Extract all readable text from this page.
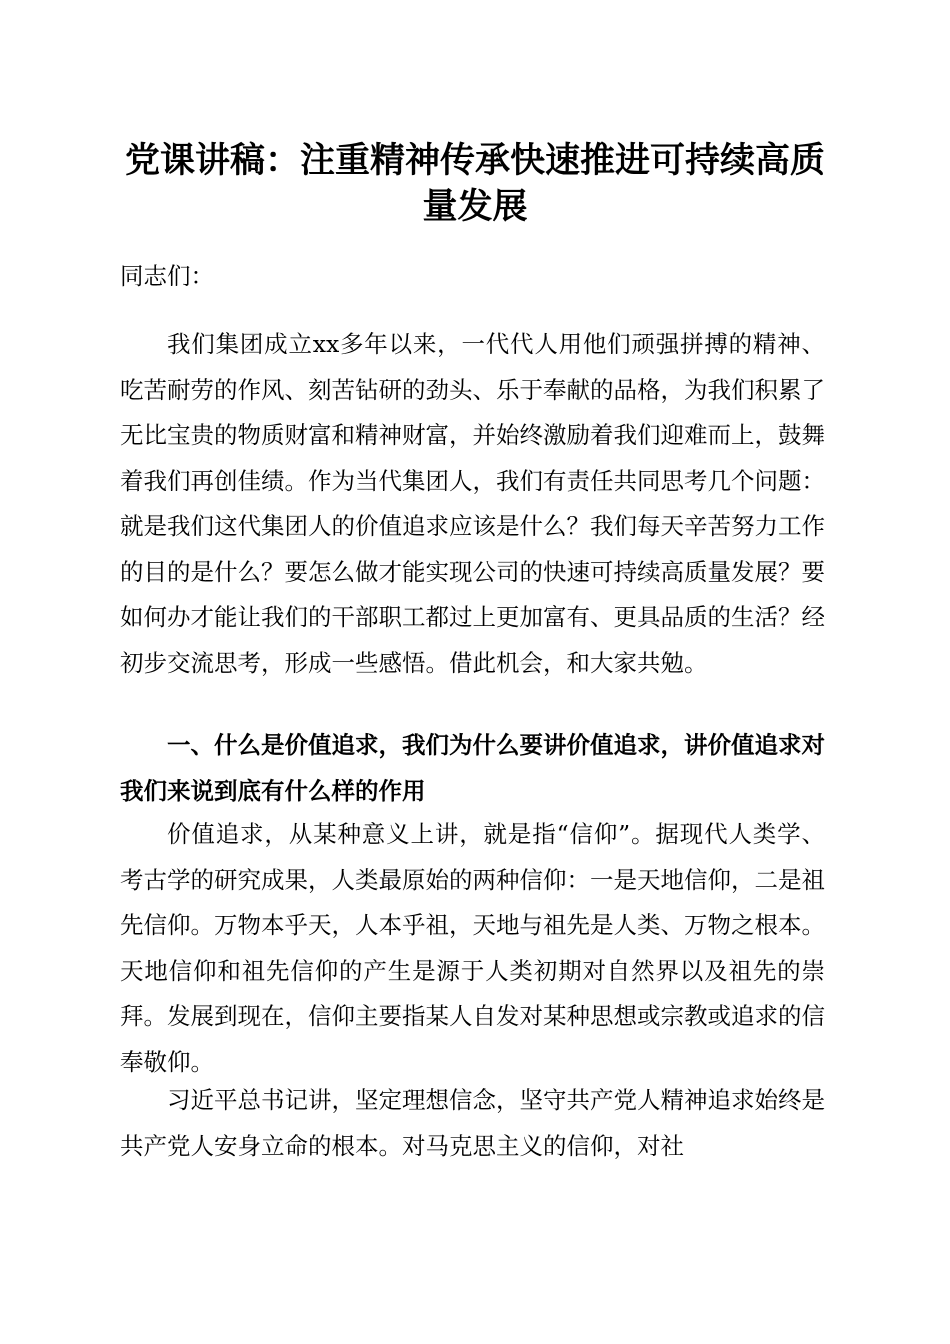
党课讲稿：注重精神传承快速推进可持续高质
量发展

同志们：

我们集团成立xx多年以来，一代代人用他们顽强拼搏的精神、吃苦耐劳的作风、刻苦钻研的劲头、乐于奉献的品格，为我们积累了无比宝贵的物质财富和精神财富，并始终激励着我们迎难而上，鼓舞着我们再创佳绩。作为当代集团人，我们有责任共同思考几个问题：就是我们这代集团人的价值追求应该是什么？我们每天辛苦努力工作的目的是什么？要怎么做才能实现公司的快速可持续高质量发展？要如何办才能让我们的干部职工都过上更加富有、更具品质的生活？经初步交流思考，形成一些感悟。借此机会，和大家共勉。

一、什么是价值追求，我们为什么要讲价值追求，讲价值追求对我们来说到底有什么样的作用

价值追求，从某种意义上讲，就是指“信仰”。据现代人类学、考古学的研究成果，人类最原始的两种信仰：一是天地信仰，二是祖先信仰。万物本乎天，人本乎祖，天地与祖先是人类、万物之根本。天地信仰和祖先信仰的产生是源于人类初期对自然界以及祖先的崇拜。发展到现在，信仰主要指某人自发对某种思想或宗教或追求的信奉敬仰。

习近平总书记讲，坚定理想信念，坚守共产党人精神追求始终是共产党人安身立命的根本。对马克思主义的信仰，对社
